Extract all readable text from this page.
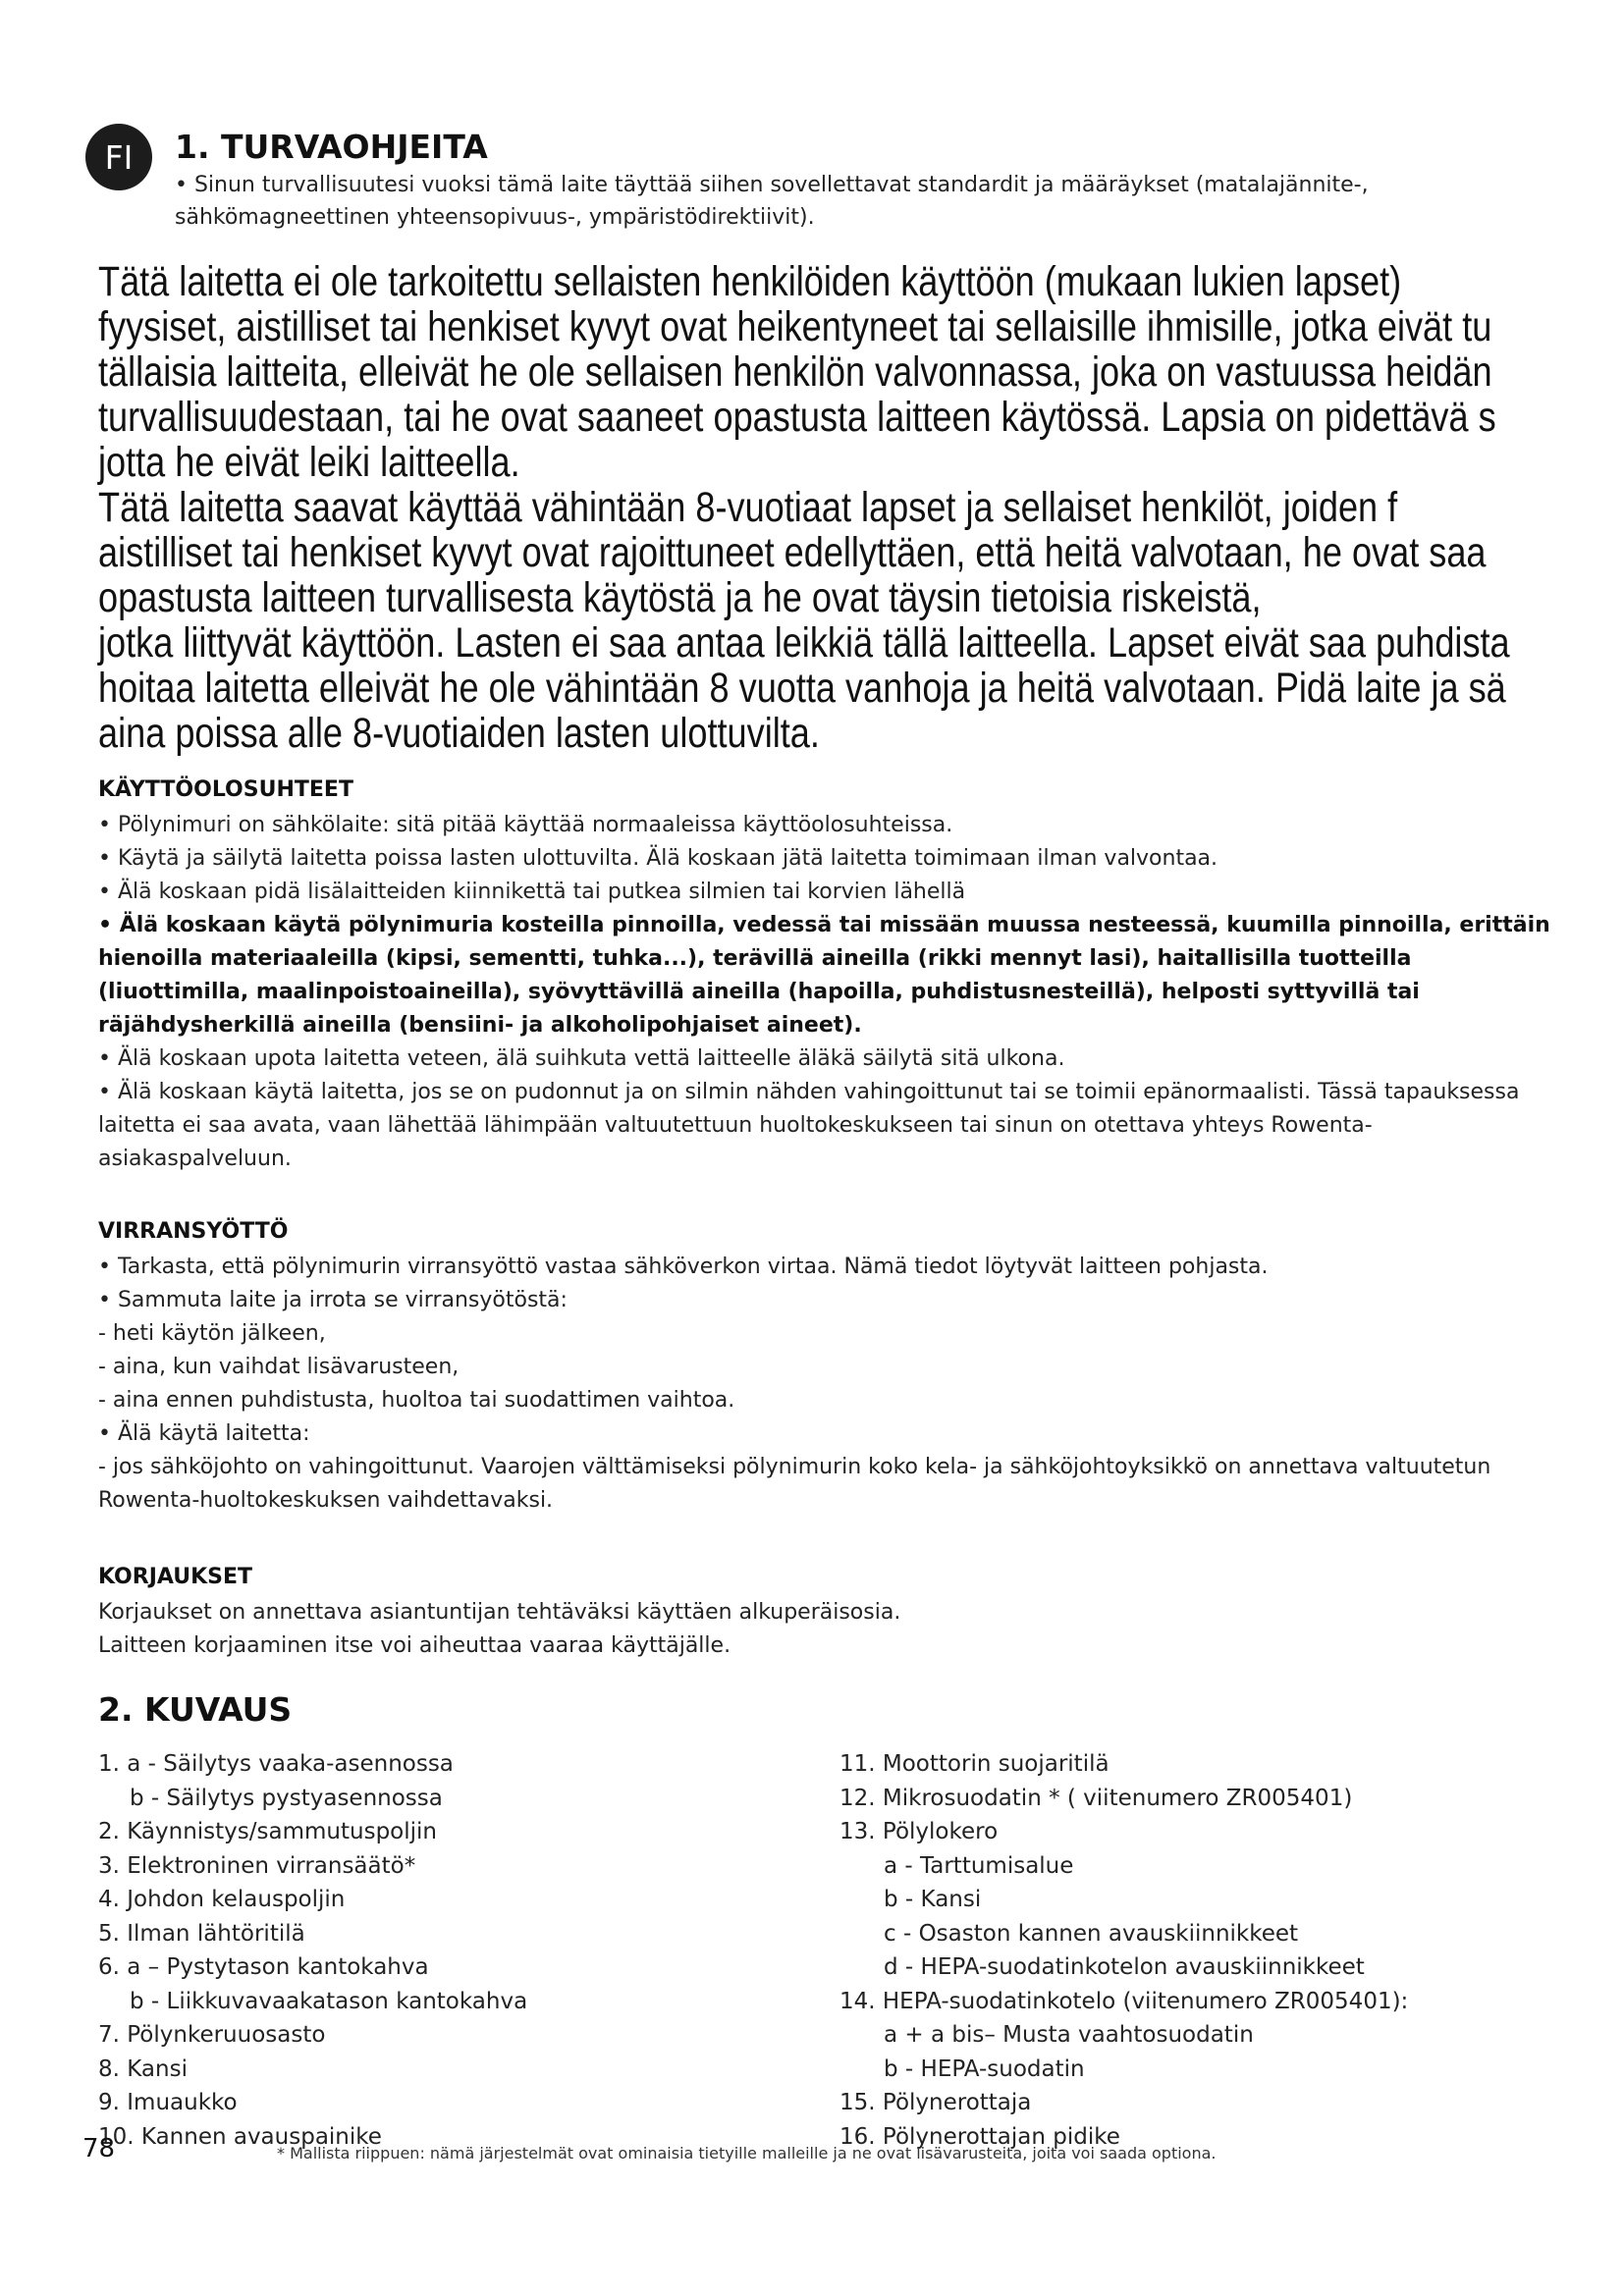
FI	1. TURVAOHJEITA

• Sinun turvallisuutesi vuoksi tämä laite täyttää siihen sovellettavat standardit ja määräykset (matalajännite-, sähkömagneettinen yhteensopivuus-, ympäristödirektiivit).

Tätä laitetta ei ole tarkoitettu sellaisten henkilöiden käyttöön (mukaan lukien lapset)

fyysiset, aistilliset tai henkiset kyvyt ovat heikentyneet tai sellaisille ihmisille, jotka eivät tu

tällaisia laitteita, elleivät he ole sellaisen henkilön valvonnassa, joka on vastuussa heidän

turvallisuudestaan, tai he ovat saaneet opastusta laitteen käytössä. Lapsia on pidettävä s

jotta he eivät leiki laitteella.

Tätä laitetta saavat käyttää vähintään 8-vuotiaat lapset ja sellaiset henkilöt, joiden f

aistilliset tai henkiset kyvyt ovat rajoittuneet edellyttäen, että heitä valvotaan, he ovat saa

opastusta laitteen turvallisesta käytöstä ja he ovat täysin tietoisia riskeistä,

jotka liittyvät käyttöön. Lasten ei saa antaa leikkiä tällä laitteella. Lapset eivät saa puhdista

hoitaa laitetta elleivät he ole vähintään 8 vuotta vanhoja ja heitä valvotaan. Pidä laite ja sä

aina poissa alle 8-vuotiaiden lasten ulottuvilta.

KÄYTTÖOLOSUHTEET

• Pölynimuri on sähkölaite: sitä pitää käyttää normaaleissa käyttöolosuhteissa.

• Käytä ja säilytä laitetta poissa lasten ulottuvilta. Älä koskaan jätä laitetta toimimaan ilman valvontaa.

• Älä koskaan pidä lisälaitteiden kiinnikettä tai putkea silmien tai korvien lähellä

• Älä koskaan käytä pölynimuria kosteilla pinnoilla, vedessä tai missään muussa nesteessä, kuumilla pinnoilla, erittäin hienoilla materiaaleilla (kipsi, sementti, tuhka...), terävillä aineilla (rikki mennyt lasi), haitallisilla tuotteilla (liuottimilla, maalinpoistoaineilla), syövyttävillä aineilla (hapoilla, puhdistusnesteillä), helposti syttyvillä tai räjähdysherkillä aineilla (bensiini- ja alkoholipohjaiset aineet).

• Älä koskaan upota laitetta veteen, älä suihkuta vettä laitteelle äläkä säilytä sitä ulkona.

• Älä koskaan käytä laitetta, jos se on pudonnut ja on silmin nähden vahingoittunut tai se toimii epänormaalisti. Tässä tapauksessa laitetta ei saa avata, vaan lähettää lähimpään valtuutettuun huoltokeskukseen tai sinun on otettava yhteys Rowenta-asiakaspalveluun.

VIRRANSYÖTTÖ

• Tarkasta, että pölynimurin virransyöttö vastaa sähköverkon virtaa. Nämä tiedot löytyvät laitteen pohjasta.

• Sammuta laite ja irrota se virransyötöstä:

- heti käytön jälkeen,

- aina, kun vaihdat lisävarusteen,

- aina ennen puhdistusta, huoltoa tai suodattimen vaihtoa.

• Älä käytä laitetta:

- jos sähköjohto on vahingoittunut. Vaarojen välttämiseksi pölynimurin koko kela- ja sähköjohtoyksikkö on annettava valtuutetun Rowenta-huoltokeskuksen vaihdettavaksi.

KORJAUKSET

Korjaukset on annettava asiantuntijan tehtäväksi käyttäen alkuperäisosia.

Laitteen korjaaminen itse voi aiheuttaa vaaraa käyttäjälle.

2. KUVAUS
1. a - Säilytys vaaka-asennossa
b - Säilytys pystyasennossa
2. Käynnistys/sammutuspoljin
3. Elektroninen virransäätö*
4. Johdon kelauspoljin
5. Ilman lähtöritilä
6. a – Pystytason kantokahva
b - Liikkuvavaakatason kantokahva
7. Pölynkeruuosasto
8. Kansi
9. Imuaukko
10. Kannen avauspainike
11. Moottorin suojaritilä
12. Mikrosuodatin * ( viitenumero ZR005401)
13. Pölylokero
a - Tarttumisalue
b - Kansi
c - Osaston kannen avauskiinnikkeet
d - HEPA-suodatinkotelon avauskiinnikkeet
14. HEPA-suodatinkotelo (viitenumero ZR005401):
a + a bis– Musta vaahtosuodatin
b - HEPA-suodatin
15. Pölynerottaja
16. Pölynerottajan pidike
78	* Mallista riippuen: nämä järjestelmät ovat ominaisia tietyille malleille ja ne ovat lisävarusteita, joita voi saada optiona.
